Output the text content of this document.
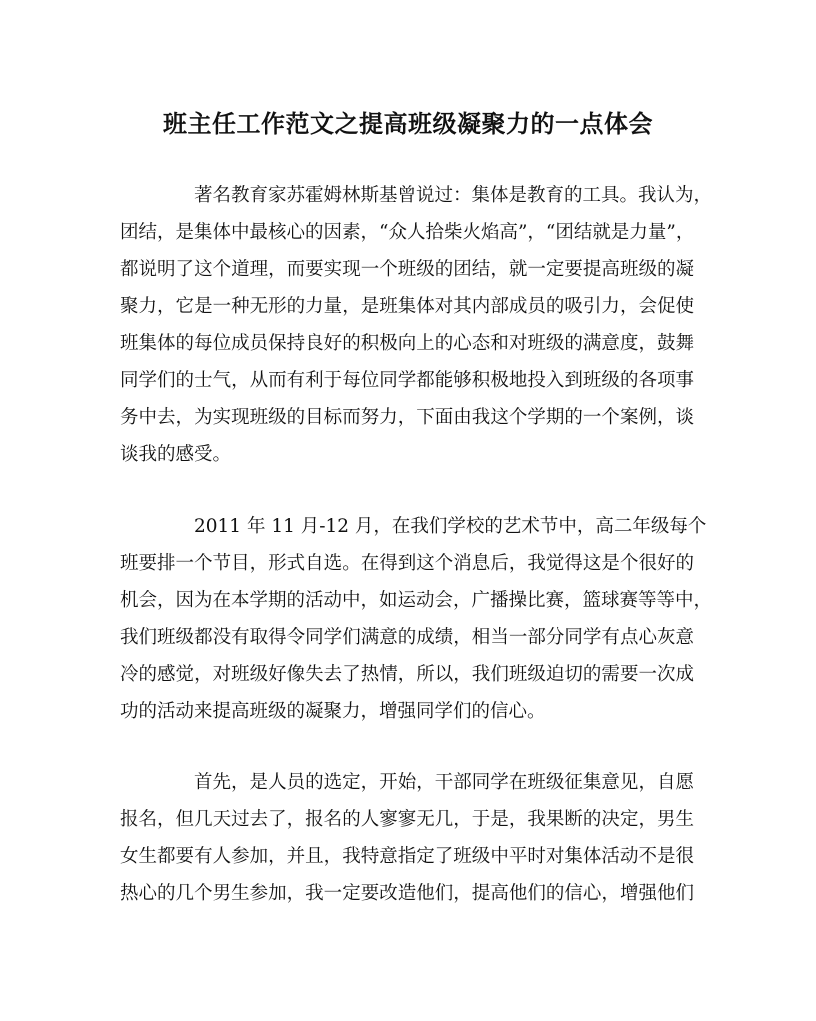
班主任工作范文之提高班级凝聚力的一点体会
著名教育家苏霍姆林斯基曾说过：集体是教育的工具。我认为，
团结，是集体中最核心的因素，“众人拾柴火焰高”，“团结就是力量”，
都说明了这个道理，而要实现一个班级的团结，就一定要提高班级的凝
聚力，它是一种无形的力量，是班集体对其内部成员的吸引力，会促使
班集体的每位成员保持良好的积极向上的心态和对班级的满意度，鼓舞
同学们的士气，从而有利于每位同学都能够积极地投入到班级的各项事
务中去，为实现班级的目标而努力，下面由我这个学期的一个案例，谈
谈我的感受。
2011 年 11 月-12 月，在我们学校的艺术节中，高二年级每个
班要排一个节目，形式自选。在得到这个消息后，我觉得这是个很好的
机会，因为在本学期的活动中，如运动会，广播操比赛，篮球赛等等中，
我们班级都没有取得令同学们满意的成绩，相当一部分同学有点心灰意
冷的感觉，对班级好像失去了热情，所以，我们班级迫切的需要一次成
功的活动来提高班级的凝聚力，增强同学们的信心。
首先，是人员的选定，开始，干部同学在班级征集意见，自愿
报名，但几天过去了，报名的人寥寥无几，于是，我果断的决定，男生
女生都要有人参加，并且，我特意指定了班级中平时对集体活动不是很
热心的几个男生参加，我一定要改造他们，提高他们的信心，增强他们
